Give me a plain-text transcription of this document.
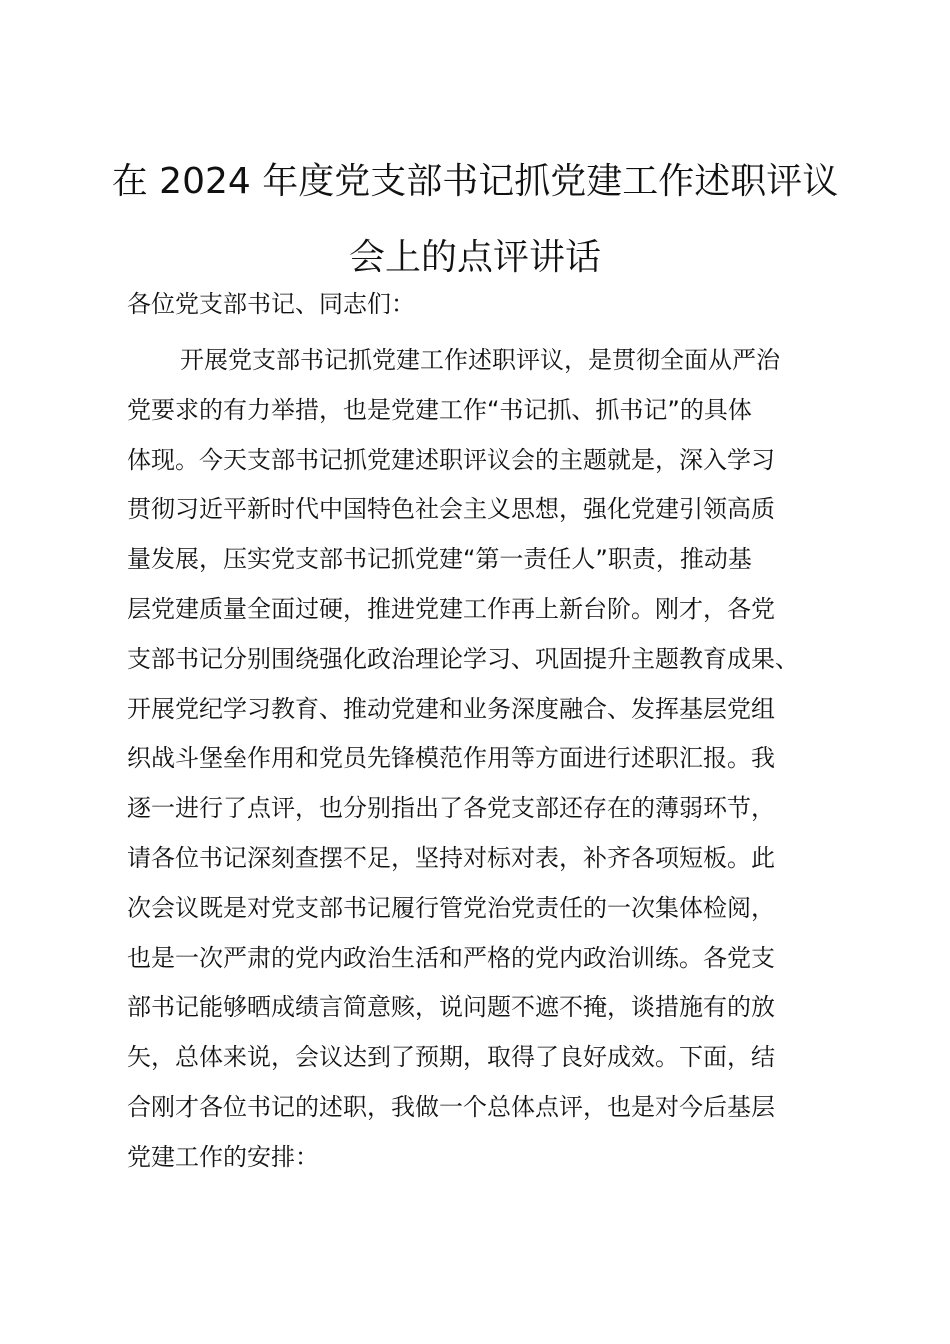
在 2024 年度党支部书记抓党建工作述职评议
会上的点评讲话

各位党支部书记、同志们：

开展党支部书记抓党建工作述职评议，是贯彻全面从严治
党要求的有力举措，也是党建工作“书记抓、抓书记”的具体
体现。今天支部书记抓党建述职评议会的主题就是，深入学习
贯彻习近平新时代中国特色社会主义思想，强化党建引领高质
量发展，压实党支部书记抓党建“第一责任人”职责，推动基
层党建质量全面过硬，推进党建工作再上新台阶。刚才，各党
支部书记分别围绕强化政治理论学习、巩固提升主题教育成果、
开展党纪学习教育、推动党建和业务深度融合、发挥基层党组
织战斗堡垒作用和党员先锋模范作用等方面进行述职汇报。我
逐一进行了点评，也分别指出了各党支部还存在的薄弱环节，
请各位书记深刻查摆不足，坚持对标对表，补齐各项短板。此
次会议既是对党支部书记履行管党治党责任的一次集体检阅，
也是一次严肃的党内政治生活和严格的党内政治训练。各党支
部书记能够晒成绩言简意赅，说问题不遮不掩，谈措施有的放
矢，总体来说，会议达到了预期，取得了良好成效。下面，结
合刚才各位书记的述职，我做一个总体点评，也是对今后基层
党建工作的安排：
